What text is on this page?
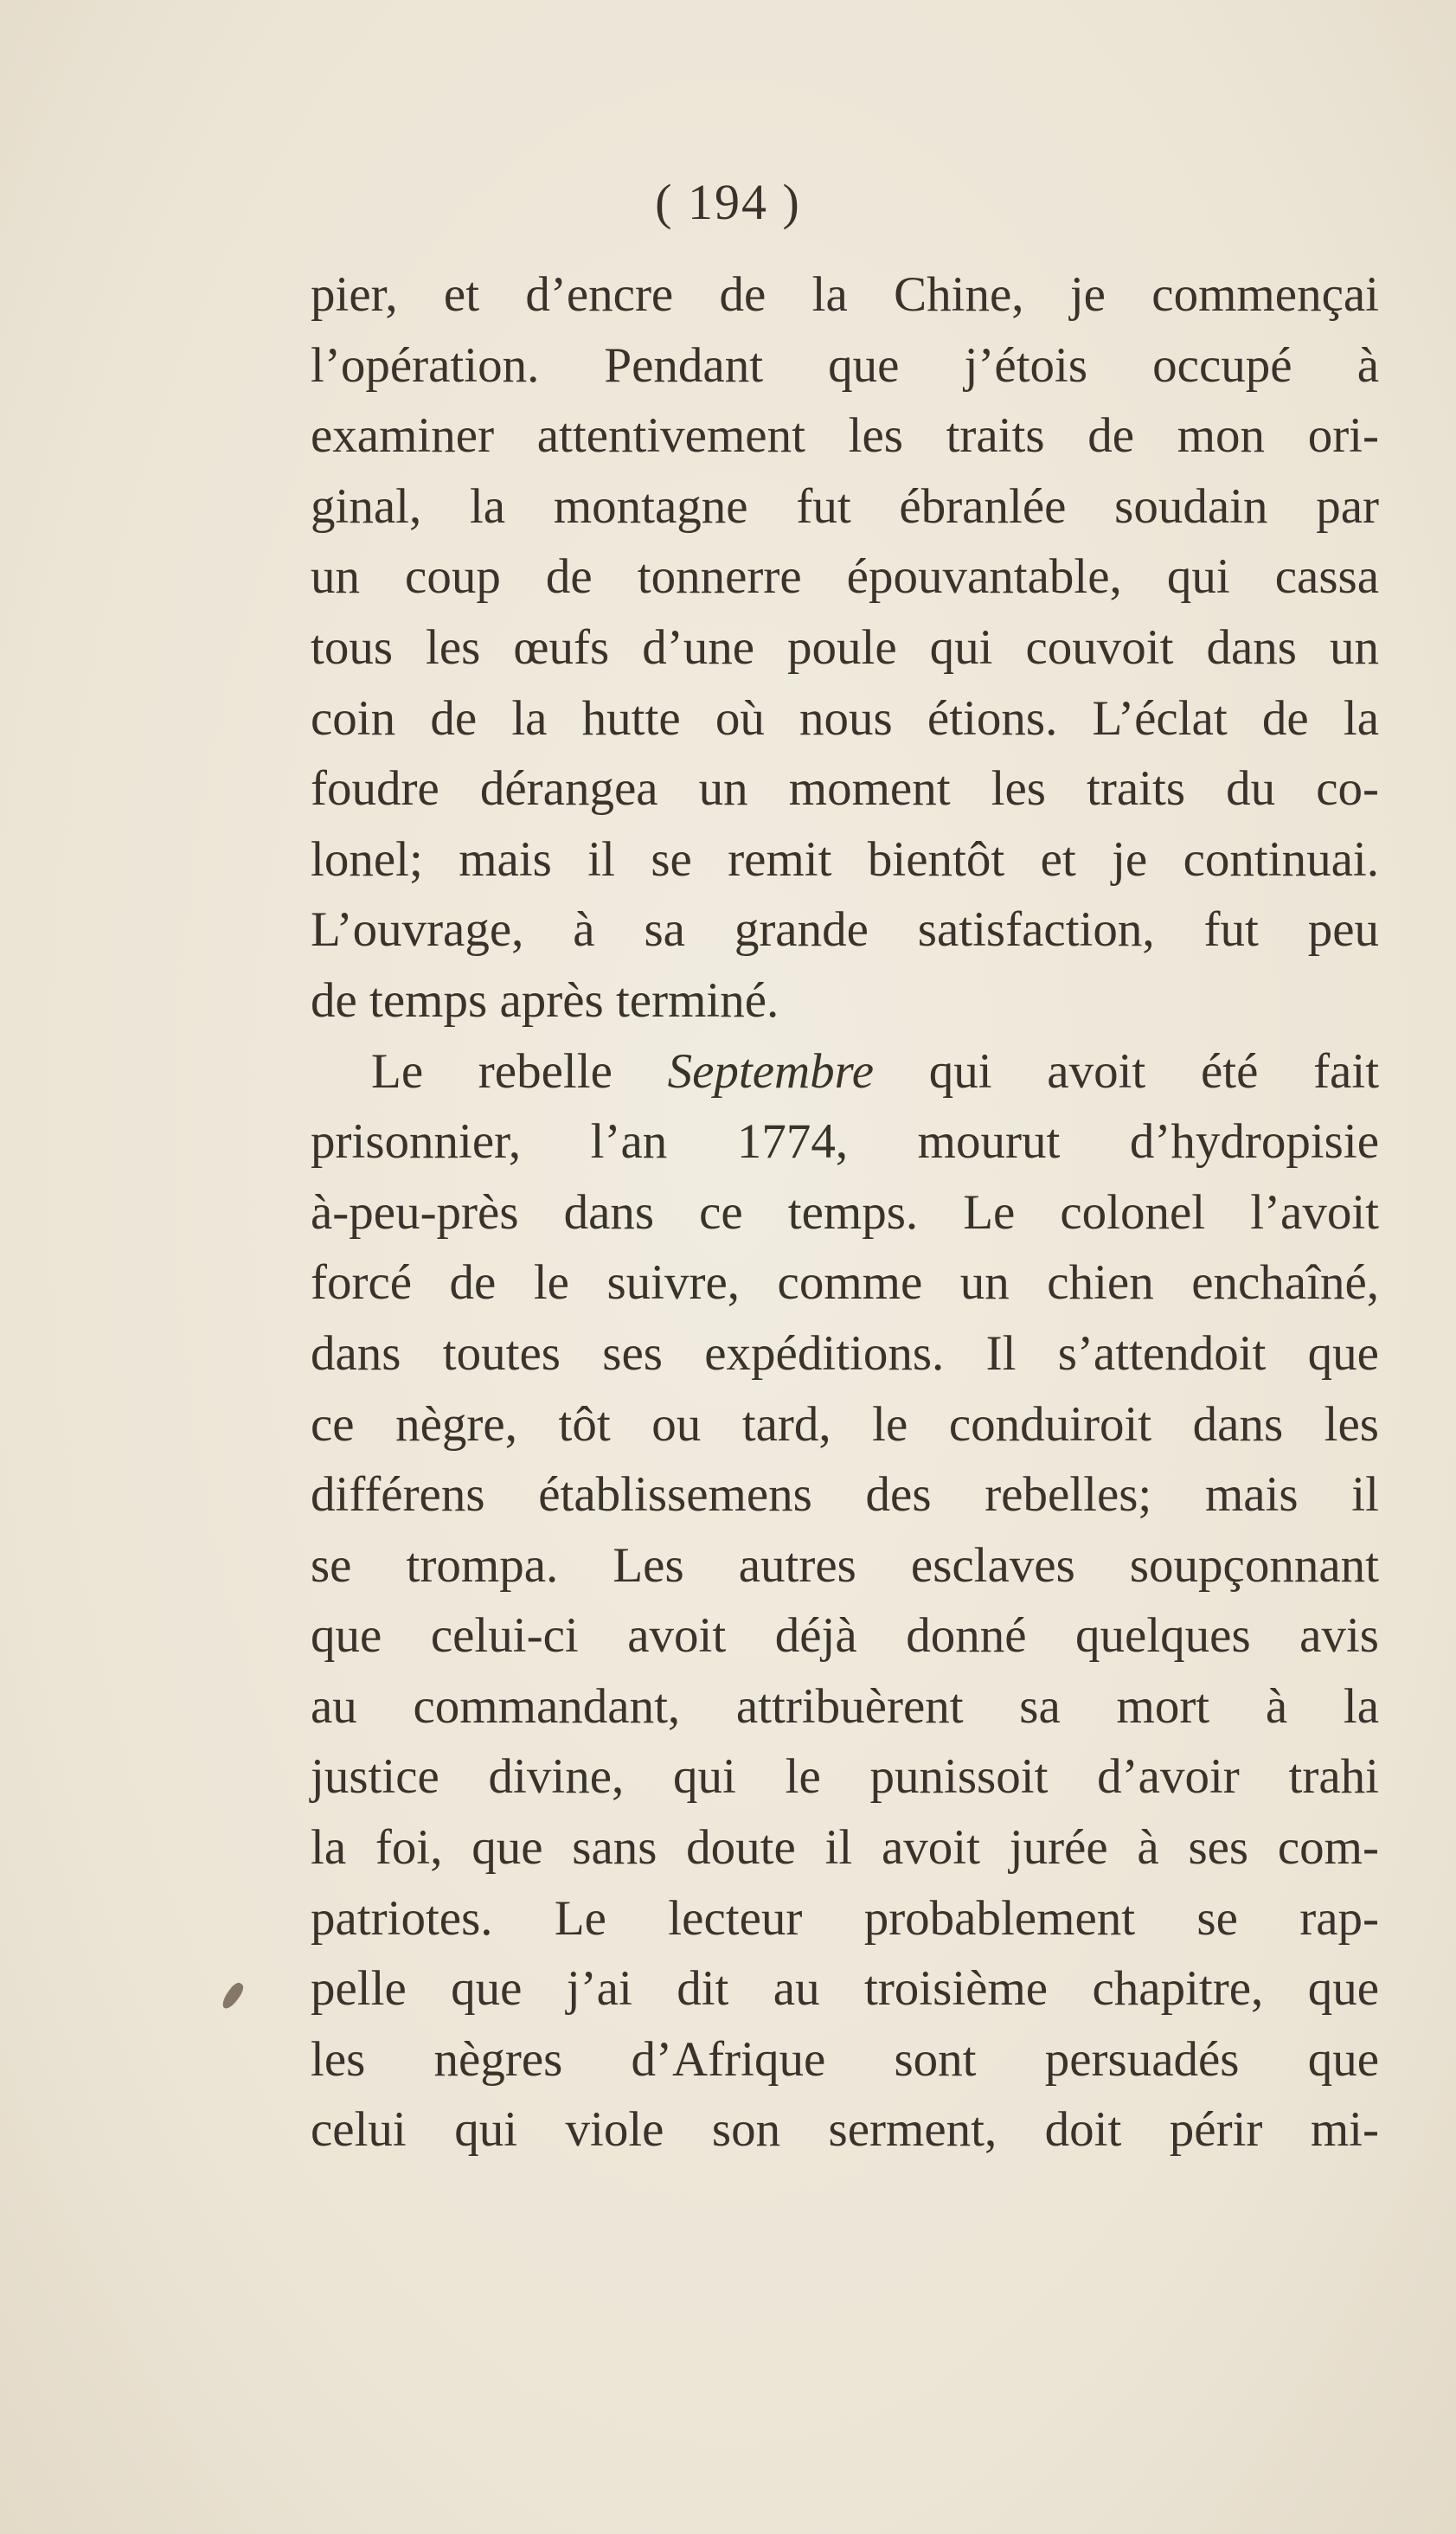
( 194 )
pier, et d’encre de la Chine, je commençai
l’opération. Pendant que j’étois occupé à
examiner attentivement les traits de mon ori-
ginal, la montagne fut ébranlée soudain par
un coup de tonnerre épouvantable, qui cassa
tous les œufs d’une poule qui couvoit dans un
coin de la hutte où nous étions. L’éclat de la
foudre dérangea un moment les traits du co-
lonel; mais il se remit bientôt et je continuai.
L’ouvrage, à sa grande satisfaction, fut peu
de temps après terminé.
Le rebelle Septembre qui avoit été fait
prisonnier, l’an 1774, mourut d’hydropisie
à-peu-près dans ce temps. Le colonel l’avoit
forcé de le suivre, comme un chien enchaîné,
dans toutes ses expéditions. Il s’attendoit que
ce nègre, tôt ou tard, le conduiroit dans les
différens établissemens des rebelles; mais il
se trompa. Les autres esclaves soupçonnant
que celui-ci avoit déjà donné quelques avis
au commandant, attribuèrent sa mort à la
justice divine, qui le punissoit d’avoir trahi
la foi, que sans doute il avoit jurée à ses com-
patriotes. Le lecteur probablement se rap-
pelle que j’ai dit au troisième chapitre, que
les nègres d’Afrique sont persuadés que
celui qui viole son serment, doit périr mi-
